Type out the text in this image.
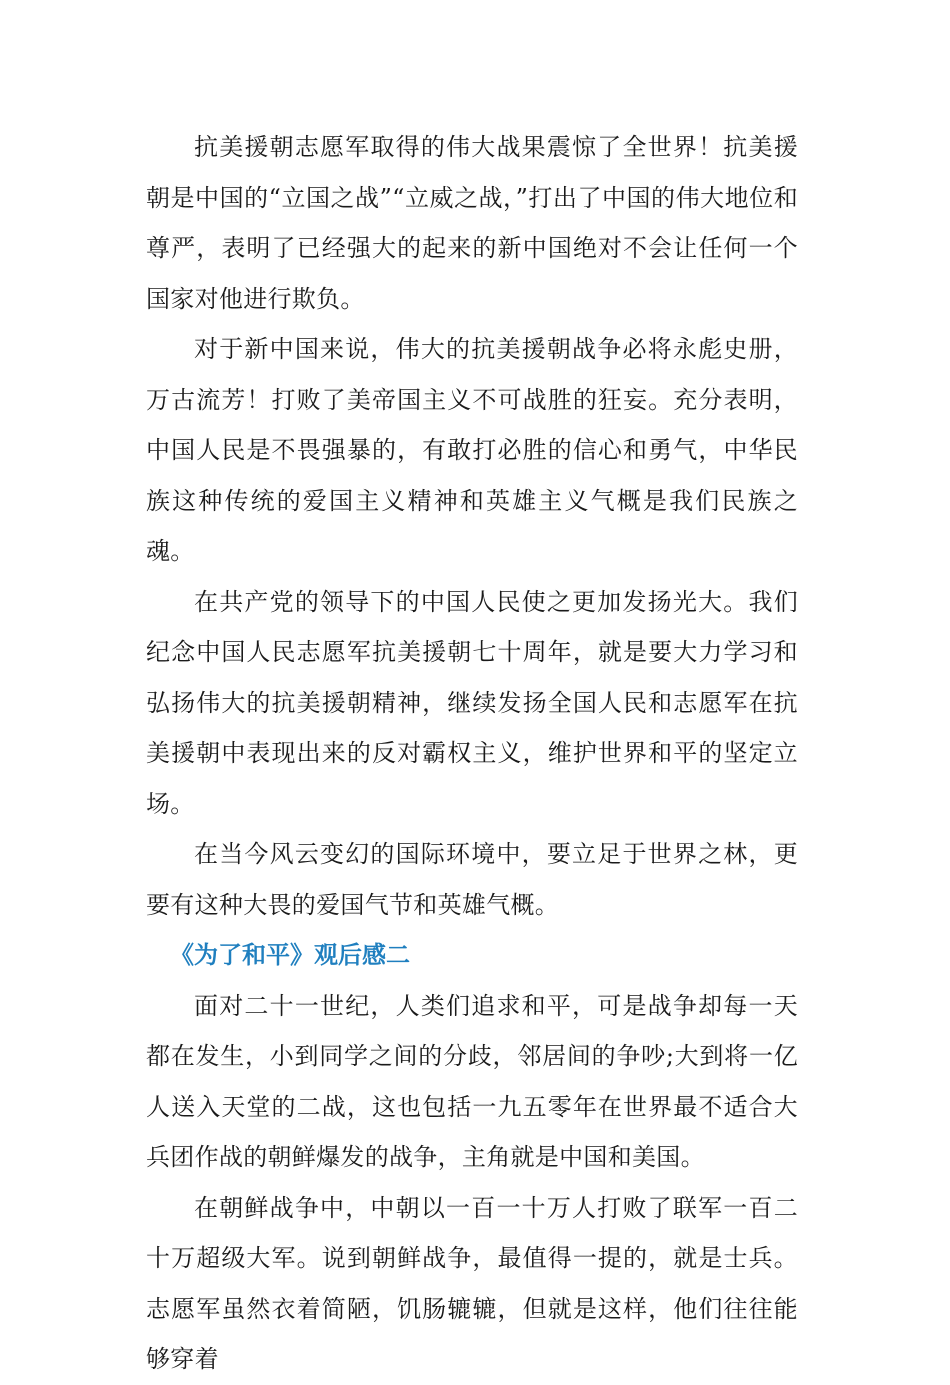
抗美援朝志愿军取得的伟大战果震惊了全世界！抗美援朝是中国的“立国之战”“立威之战，”打出了中国的伟大地位和尊严，表明了已经强大的起来的新中国绝对不会让任何一个国家对他进行欺负。

对于新中国来说，伟大的抗美援朝战争必将永彪史册，万古流芳！打败了美帝国主义不可战胜的狂妄。充分表明，中国人民是不畏强暴的，有敢打必胜的信心和勇气，中华民族这种传统的爱国主义精神和英雄主义气概是我们民族之魂。

在共产党的领导下的中国人民使之更加发扬光大。我们纪念中国人民志愿军抗美援朝七十周年，就是要大力学习和弘扬伟大的抗美援朝精神，继续发扬全国人民和志愿军在抗美援朝中表现出来的反对霸权主义，维护世界和平的坚定立场。

在当今风云变幻的国际环境中，要立足于世界之林，更要有这种大畏的爱国气节和英雄气概。

《为了和平》观后感二

面对二十一世纪，人类们追求和平，可是战争却每一天都在发生，小到同学之间的分歧，邻居间的争吵;大到将一亿人送入天堂的二战，这也包括一九五零年在世界最不适合大兵团作战的朝鲜爆发的战争，主角就是中国和美国。

在朝鲜战争中，中朝以一百一十万人打败了联军一百二十万超级大军。说到朝鲜战争，最值得一提的，就是士兵。志愿军虽然衣着简陋，饥肠辘辘，但就是这样，他们往往能够穿着
